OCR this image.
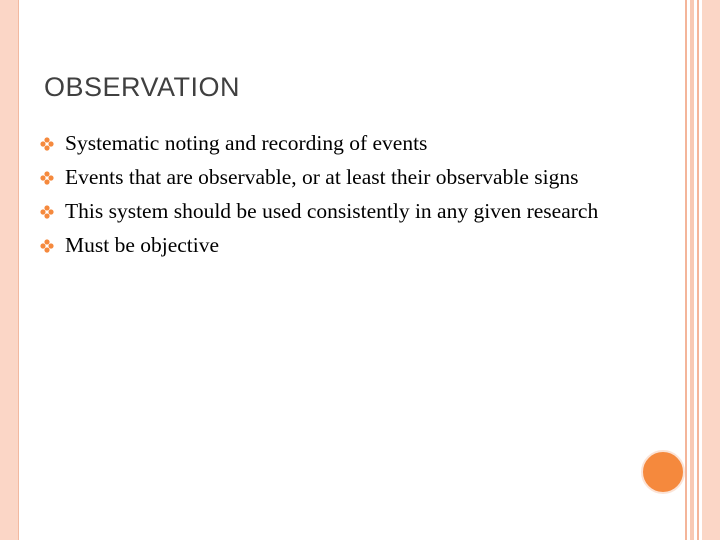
OBSERVATION
Systematic noting and recording of events
Events that are observable, or at least their observable signs
This system should be used consistently in any given research
Must be objective
